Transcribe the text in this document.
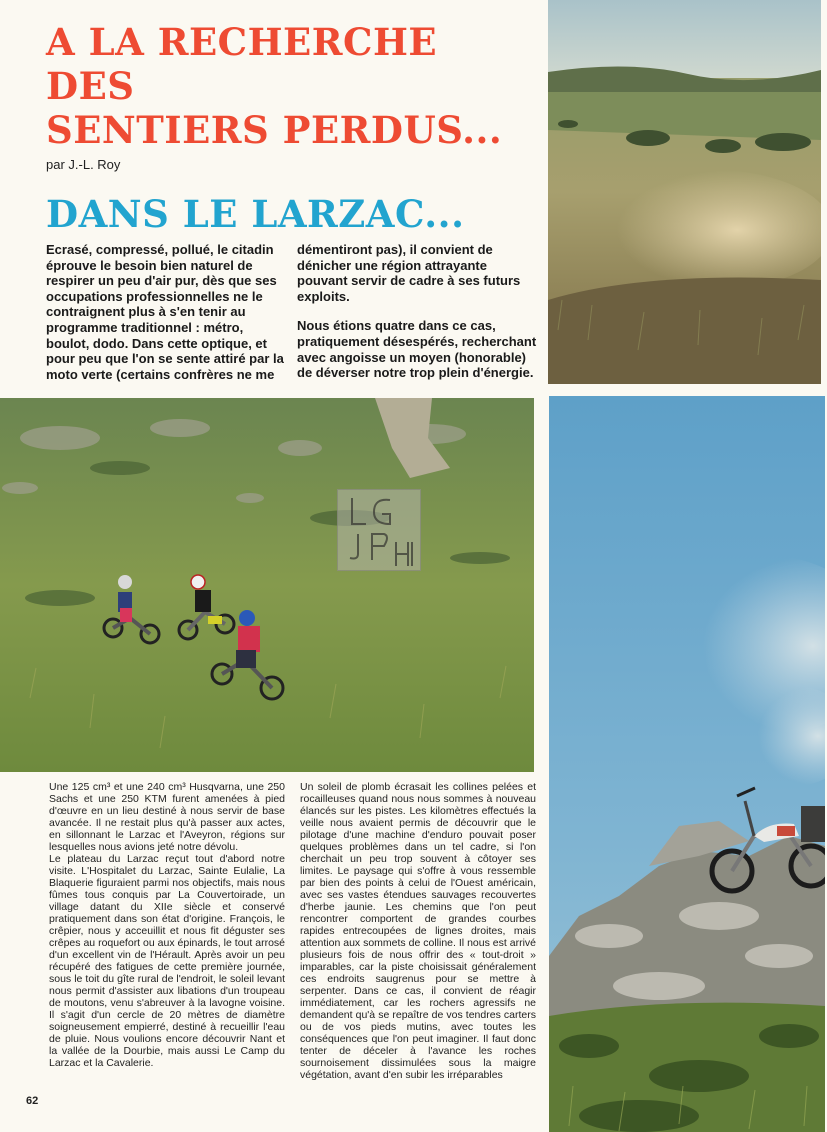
A LA RECHERCHE
DES
SENTIERS PERDUS...
par J.-L. Roy
DANS LE LARZAC...

Ecrasé, compressé, pollué, le citadin éprouve le besoin bien naturel de respirer un peu d'air pur, dès que ses occupations professionnelles ne le contraignent plus à s'en tenir au programme traditionnel : métro, boulot, dodo. Dans cette optique, et pour peu que l'on se sente attiré par la moto verte (certains confrères ne me

démentiront pas), il convient de dénicher une région attrayante pouvant servir de cadre à ses futurs exploits.

Nous étions quatre dans ce cas, pratiquement désespérés, recherchant avec angoisse un moyen (honorable) de déverser notre trop plein d'énergie.

Une 125 cm³ et une 240 cm³ Husqvarna, une 250 Sachs et une 250 KTM furent amenées à pied d'œuvre en un lieu destiné à nous servir de base avancée. Il ne restait plus qu'à passer aux actes, en sillonnant le Larzac et l'Aveyron, régions sur lesquelles nous avions jeté notre dévolu.

Le plateau du Larzac reçut tout d'abord notre visite. L'Hospitalet du Larzac, Sainte Eulalie, La Blaquerie figuraient parmi nos objectifs, mais nous fûmes tous conquis par La Couvertoirade, un village datant du XIIe siècle et conservé pratiquement dans son état d'origine. François, le crêpier, nous y acceuillit et nous fit déguster ses crêpes au roquefort ou aux épinards, le tout arrosé d'un excellent vin de l'Hérault. Après avoir un peu récupéré des fatigues de cette première journée, sous le toit du gîte rural de l'endroit, le soleil levant nous permit d'assister aux libations d'un troupeau de moutons, venu s'abreuver à la lavogne voisine. Il s'agit d'un cercle de 20 mètres de diamètre soigneusement empierré, destiné à recueillir l'eau de pluie. Nous voulions encore découvrir Nant et la vallée de la Dourbie, mais aussi Le Camp du Larzac et la Cavalerie.

Un soleil de plomb écrasait les collines pelées et rocailleuses quand nous nous sommes à nouveau élancés sur les pistes. Les kilomètres effectués la veille nous avaient permis de découvrir que le pilotage d'une machine d'enduro pouvait poser quelques problèmes dans un tel cadre, si l'on cherchait un peu trop souvent à côtoyer ses limites. Le paysage qui s'offre à vous ressemble par bien des points à celui de l'Ouest américain, avec ses vastes étendues sauvages recouvertes d'herbe jaunie. Les chemins que l'on peut rencontrer comportent de grandes courbes rapides entrecoupées de lignes droites, mais attention aux sommets de colline. Il nous est arrivé plusieurs fois de nous offrir des « tout-droit » imparables, car la piste choisissait généralement ces endroits saugrenus pour se mettre à serpenter. Dans ce cas, il convient de réagir immédiatement, car les rochers agressifs ne demandent qu'à se repaître de vos tendres carters ou de vos pieds mutins, avec toutes les conséquences que l'on peut imaginer. Il faut donc tenter de déceler à l'avance les roches sournoisement dissimulées sous la maigre végétation, avant d'en subir les irréparables

62
